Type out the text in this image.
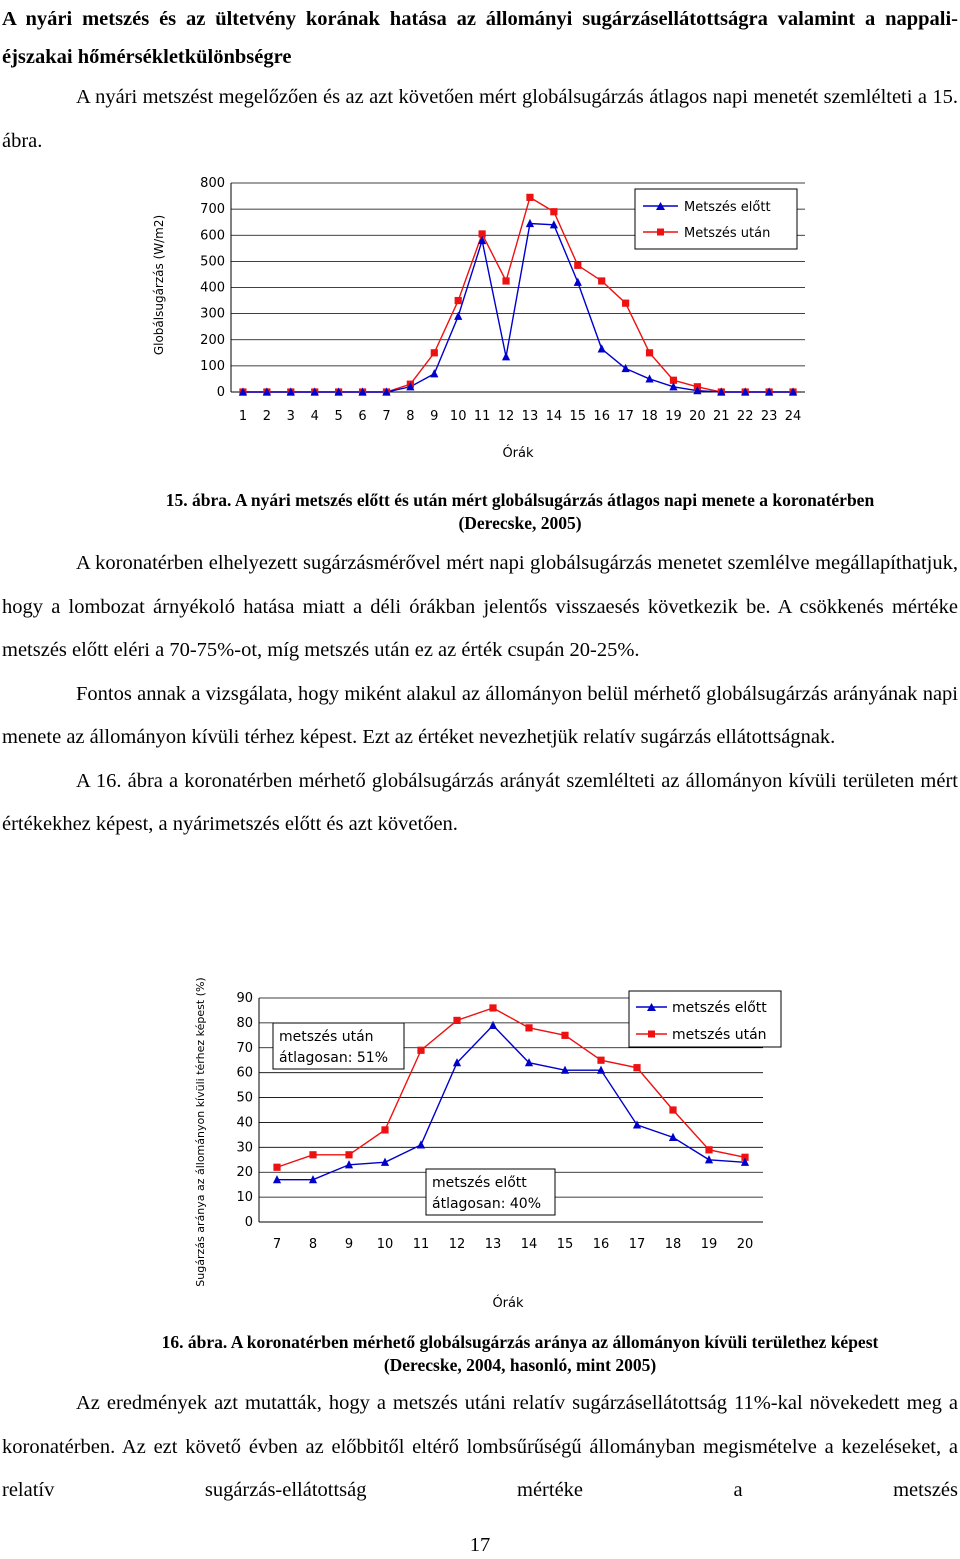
A nyári metszés és az ültetvény korának hatása az állományi sugárzásellátottságra valamint a nappali-éjszakai hőmérsékletkülönbségre

A nyári metszést megelőzően és az azt követően mért globálsugárzás átlagos napi menetét szemlélteti a 15. ábra.

0
100
200
300
400
500
600
700
800
1 2 3 4 5 6 7 8 9 10 11 12 13 14 15 16 17 18 19 20 21 22 23 24
Globálsugárzás (W/m2)
Órák
Metszés előtt
Metszés után
15. ábra. A nyári metszés előtt és után mért globálsugárzás átlagos napi menete a koronatérben
(Derecske, 2005)

A koronatérben elhelyezett sugárzásmérővel mért napi globálsugárzás menetet szemlélve megállapíthatjuk, hogy a lombozat árnyékoló hatása miatt a déli órákban jelentős visszaesés következik be. A csökkenés mértéke metszés előtt eléri a 70-75%-ot, míg metszés után ez az érték csupán 20-25%.

Fontos annak a vizsgálata, hogy miként alakul az állományon belül mérhető globálsugárzás arányának napi menete az állományon kívüli térhez képest. Ezt az értéket nevezhetjük relatív sugárzás ellátottságnak.

A 16. ábra a koronatérben mérhető globálsugárzás arányát szemlélteti az állományon kívüli területen mért értékekhez képest, a nyárimetszés előtt és azt követően.

0
10
20
30
40
50
60
70
80
90
7 8 9 10 11 12 13 14 15 16 17 18 19 20
Sugárzás aránya az állományon kívüli térhez képest (%)
Órák
metszés előtt
metszés után
metszés után
átlagosan: 51%
metszés előtt
átlagosan: 40%
16. ábra. A koronatérben mérhető globálsugárzás aránya az állományon kívüli területhez képest
(Derecske, 2004, hasonló, mint 2005)

Az eredmények azt mutatták, hogy a metszés utáni relatív sugárzásellátottság 11%-kal növekedett meg a koronatérben. Az ezt követő évben az előbbitől eltérő lombsűrűségű állományban megismételve a kezeléseket, a relatív sugárzás-ellátottság mértéke a metszés

17
